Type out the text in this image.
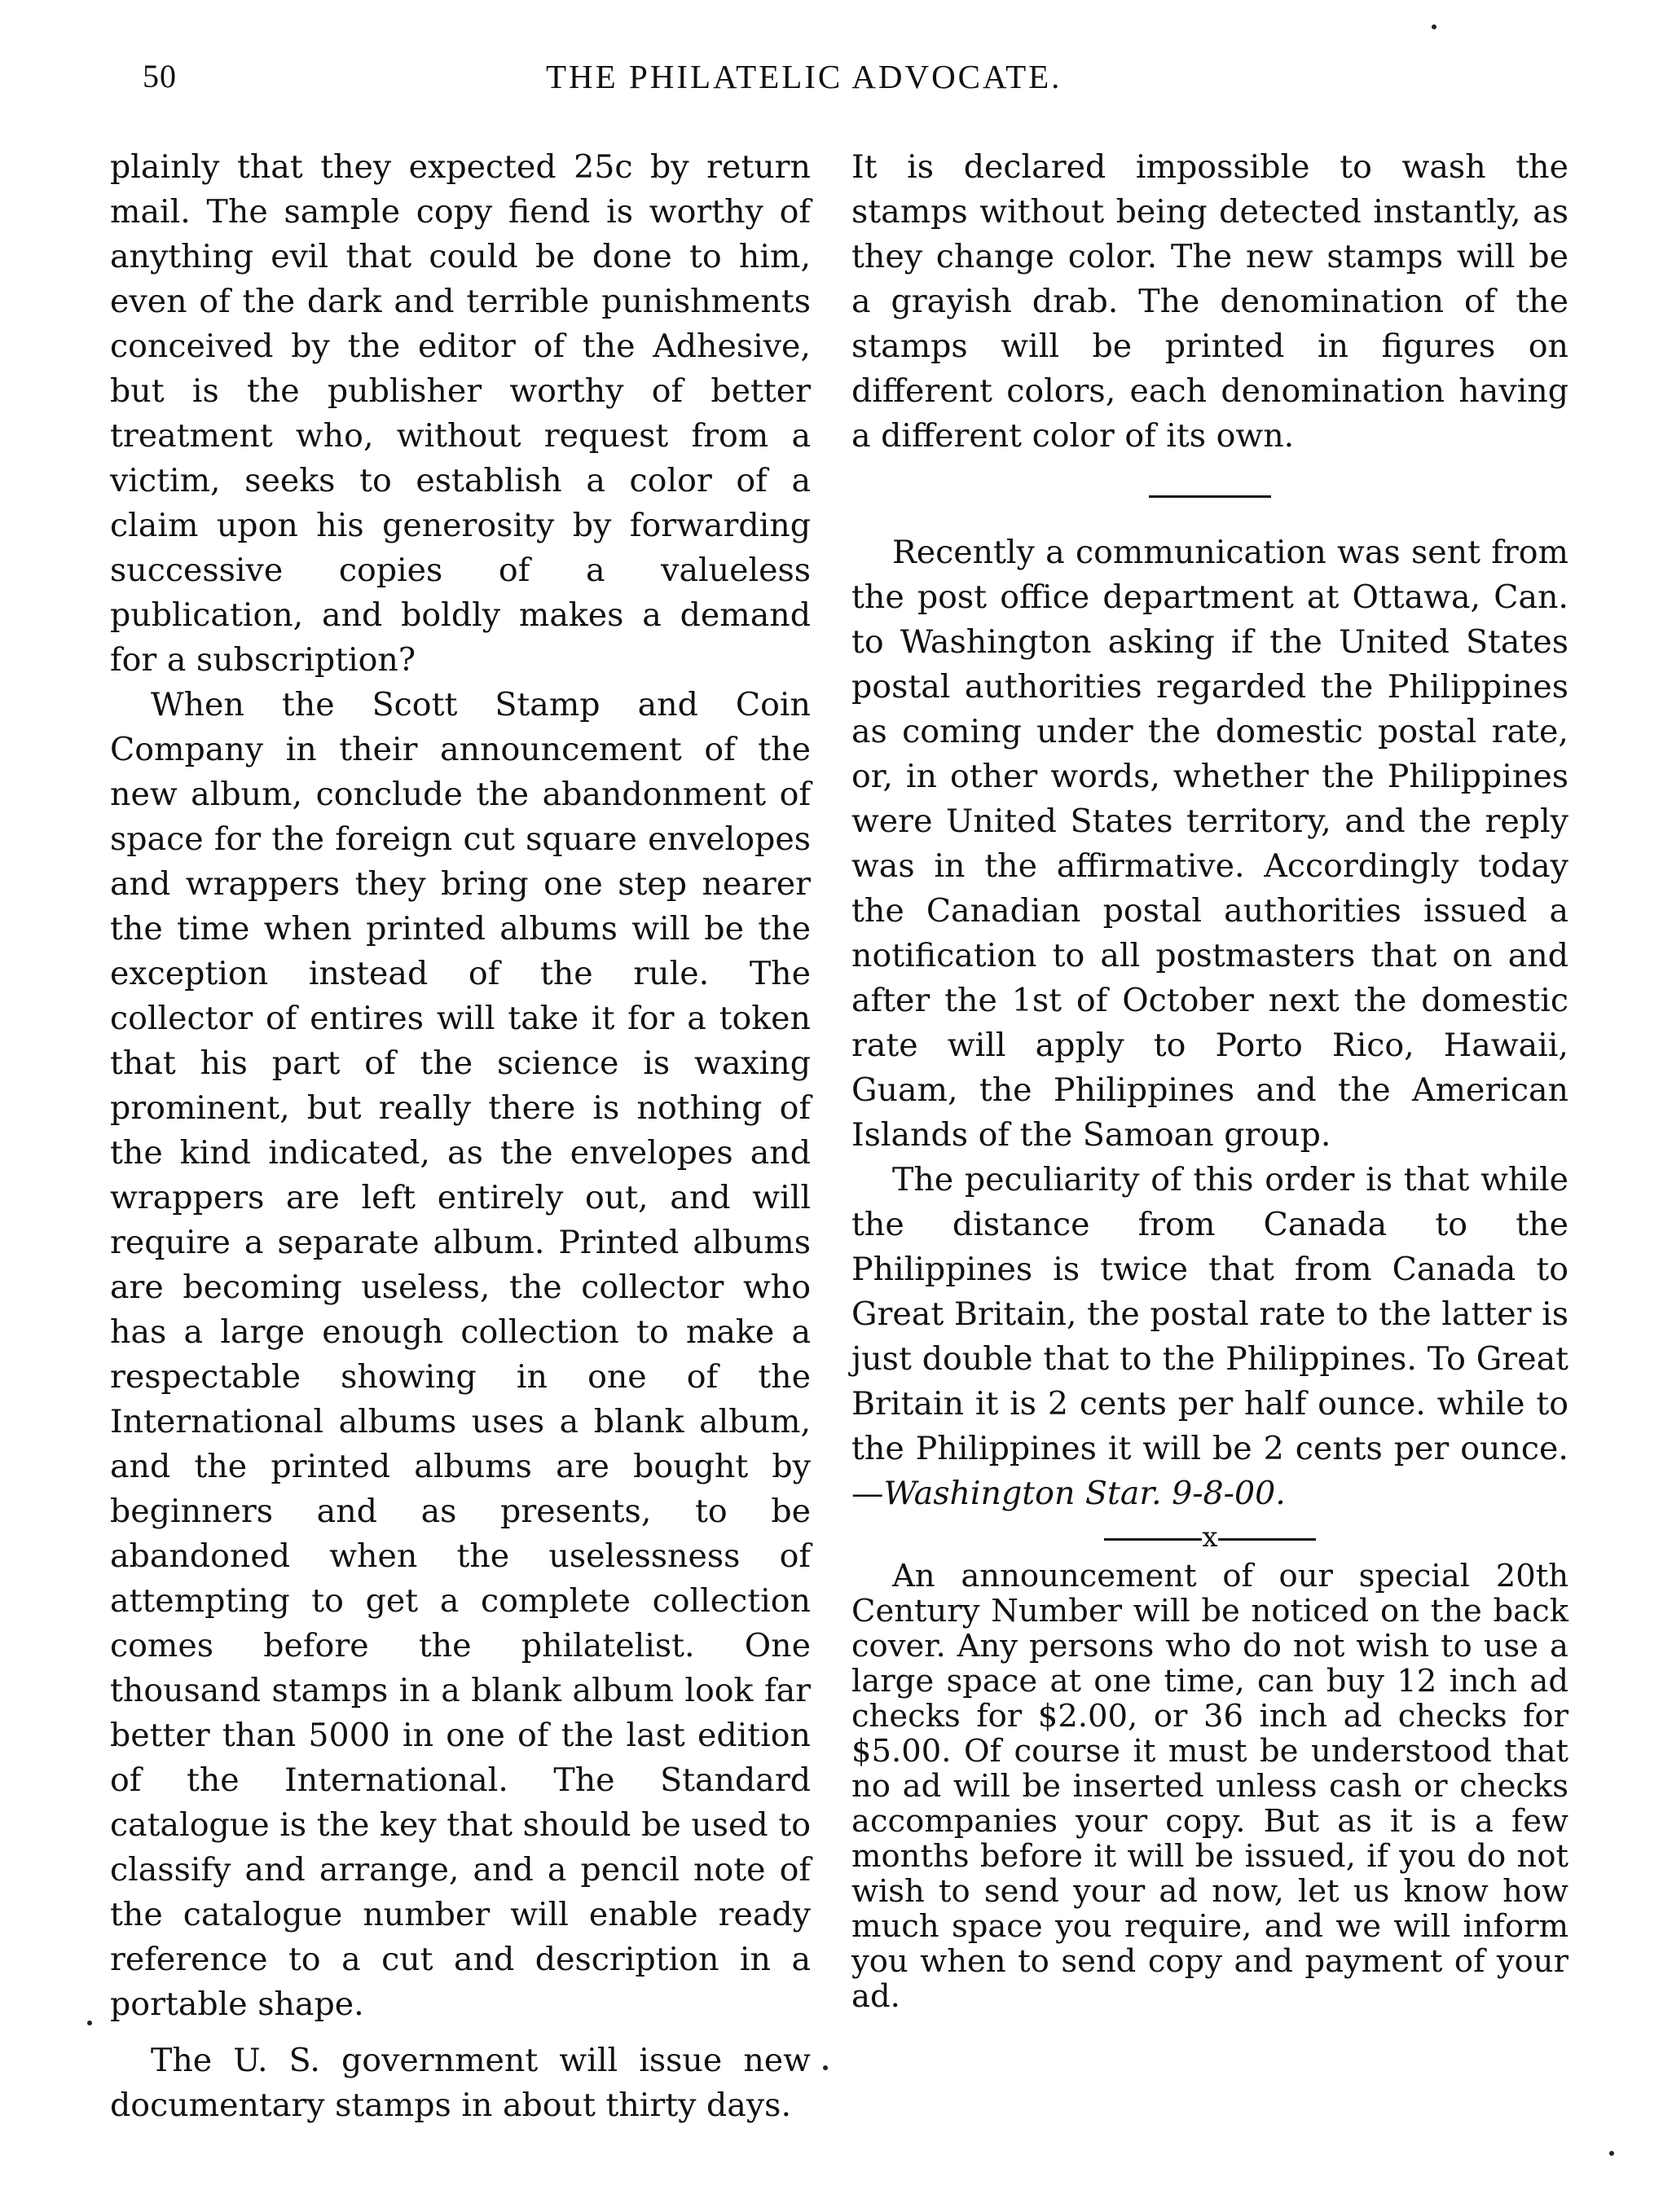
50	THE PHILATELIC ADVOCATE.

plainly that they expected 25c by return mail. The sample copy fiend is worthy of anything evil that could be done to him, even of the dark and terrible punishments conceived by the editor of the Adhesive, but is the publisher worthy of better treatment who, without request from a victim, seeks to establish a color of a claim upon his generosity by forwarding successive copies of a valueless publication, and boldly makes a demand for a subscription?

When the Scott Stamp and Coin Company in their announcement of the new album, conclude the abandonment of space for the foreign cut square envelopes and wrappers they bring one step nearer the time when printed albums will be the exception instead of the rule. The collector of entires will take it for a token that his part of the science is waxing prominent, but really there is nothing of the kind indicated, as the envelopes and wrappers are left entirely out, and will require a separate album. Printed albums are becoming useless, the collector who has a large enough collection to make a respectable showing in one of the International albums uses a blank album, and the printed albums are bought by beginners and as presents, to be abandoned when the uselessness of attempting to get a complete collection comes before the philatelist. One thousand stamps in a blank album look far better than 5000 in one of the last edition of the International. The Standard catalogue is the key that should be used to classify and arrange, and a pencil note of the catalogue number will enable ready reference to a cut and description in a portable shape.

The U. S. government will issue new documentary stamps in about thirty days.

It is declared impossible to wash the stamps without being detected instantly, as they change color. The new stamps will be a grayish drab. The denomination of the stamps will be printed in figures on different colors, each denomination having a different color of its own.

Recently a communication was sent from the post office department at Ottawa, Can. to Washington asking if the United States postal authorities regarded the Philippines as coming under the domestic postal rate, or, in other words, whether the Philippines were United States territory, and the reply was in the affirmative. Accordingly today the Canadian postal authorities issued a notification to all postmasters that on and after the 1st of October next the domestic rate will apply to Porto Rico, Hawaii, Guam, the Philippines and the American Islands of the Samoan group.

The peculiarity of this order is that while the distance from Canada to the Philippines is twice that from Canada to Great Britain, the postal rate to the latter is just double that to the Philippines. To Great Britain it is 2 cents per half ounce. while to the Philippines it will be 2 cents per ounce.—Washington Star. 9-8-00.

x

An announcement of our special 20th Century Number will be noticed on the back cover. Any persons who do not wish to use a large space at one time, can buy 12 inch ad checks for $2.00, or 36 inch ad checks for $5.00. Of course it must be understood that no ad will be inserted unless cash or checks accompanies your copy. But as it is a few months before it will be issued, if you do not wish to send your ad now, let us know how much space you require, and we will inform you when to send copy and payment of your ad.
